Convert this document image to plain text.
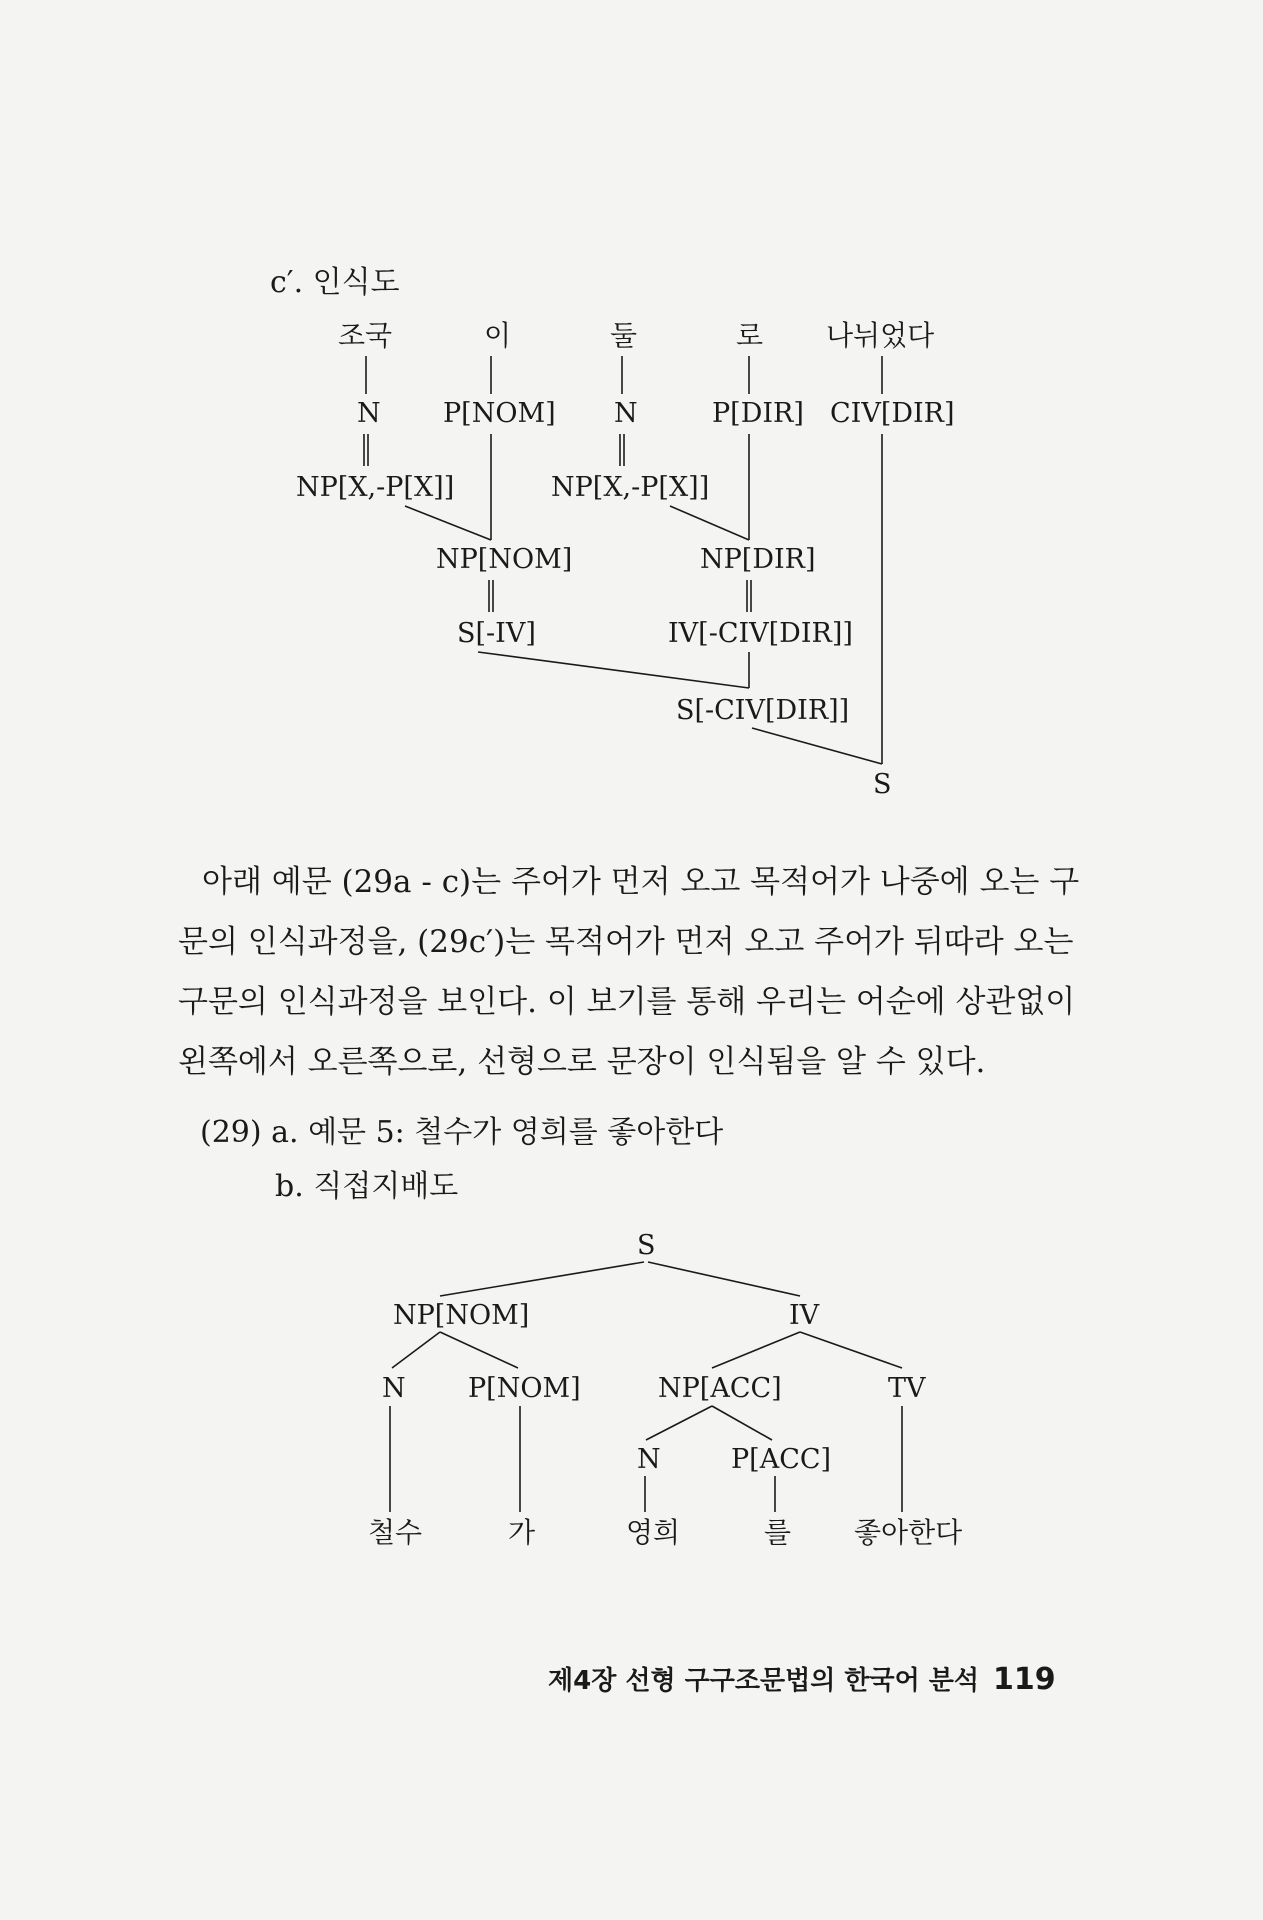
c′. 인식도
조국	이	둘	로 나뉘었다
N P[NOM] N	P[DIR] CIV[DIR]
NP[X,-P[X]]	NP[X,-P[X]]
NP[NOM]	NP[DIR]
S[-IV]	IV[-CIV[DIR]]
S[-CIV[DIR]]
S
아래 예문 (29a - c)는 주어가 먼저 오고 목적어가 나중에 오는 구
문의 인식과정을, (29c′)는 목적어가 먼저 오고 주어가 뒤따라 오는
구문의 인식과정을 보인다. 이 보기를 통해 우리는 어순에 상관없이
왼쪽에서 오른쪽으로, 선형으로 문장이 인식됨을 알 수 있다.
(29) a. 예문 5: 철수가 영희를 좋아한다
b. 직접지배도
S
NP[NOM]	IV
N P[NOM]	NP[ACC]	TV
N	P[ACC]
철수	가	영희	를 좋아한다
제4장 선형 구구조문법의 한국어 분석 119
